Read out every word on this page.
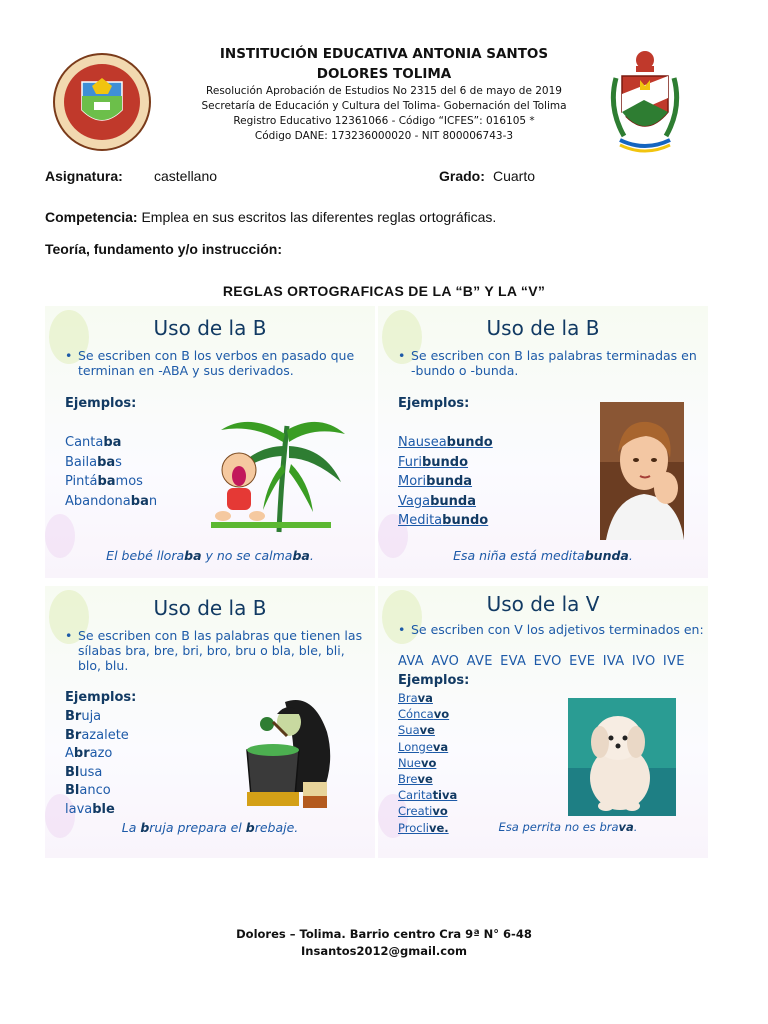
INSTITUCIÓN EDUCATIVA ANTONIA SANTOS
DOLORES TOLIMA
Resolución Aprobación de Estudios No 2315 del 6 de mayo de 2019
Secretaría de Educación y Cultura del Tolima- Gobernación del Tolima
Registro Educativo 12361066 - Código “ICFES”: 016105 *
Código DANE: 173236000020 - NIT 800006743-3
Asignatura: castellano	Grado: Cuarto
Competencia: Emplea en sus escritos las diferentes reglas ortográficas.
Teoría, fundamento y/o instrucción:
REGLAS ORTOGRAFICAS DE LA “B” Y LA “V”
Uso de la B
• Se escriben con B los verbos en pasado que terminan en -ABA y sus derivados.
Ejemplos:
Cantaba
Bailabas
Pintábamos
Abandonaban
El bebé lloraba y no se calmaba.
Uso de la B
• Se escriben con B las palabras terminadas en -bundo o -bunda.
Ejemplos:
Nauseabundo
Furibundo
Moribunda
Vagabunda
Meditabundo
Esa niña está meditabunda.
Uso de la B
• Se escriben con B las palabras que tienen las sílabas bra, bre, bri, bro, bru o bla, ble, bli, blo, blu.
Ejemplos:
Bruja
Brazalete
Abrazo
Blusa
Blanco
lavable
La bruja prepara el brebaje.
Uso de la V
• Se escriben con V los adjetivos terminados en:
AVA AVO AVE EVA EVO EVE IVA IVO IVE
Ejemplos:
Brava
Cóncavo
Suave
Longeva
Nuevo
Breve
Caritativa
Creativo
Proclive.	Esa perrita no es brava.
Dolores – Tolima. Barrio centro Cra 9ª N° 6-48
Insantos2012@gmail.com
